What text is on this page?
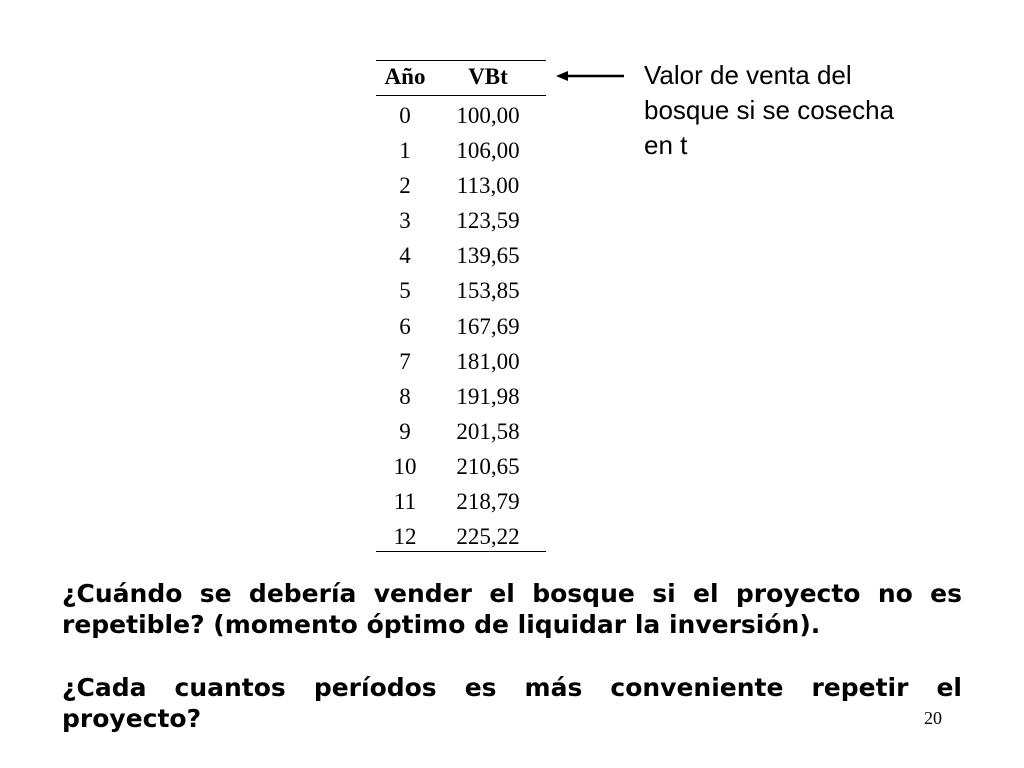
Año	VBt
0	100,00
1	106,00
2	113,00
3	123,59
4	139,65
5	153,85
6	167,69
7	181,00
8	191,98
9	201,58
10	210,65
11	218,79
12	225,22
Valor de venta del
bosque si se cosecha
en t
¿Cuándo se debería vender el bosque si el proyecto no es repetible? (momento óptimo de liquidar la inversión).
¿Cada cuantos períodos es más conveniente repetir el proyecto?	20
